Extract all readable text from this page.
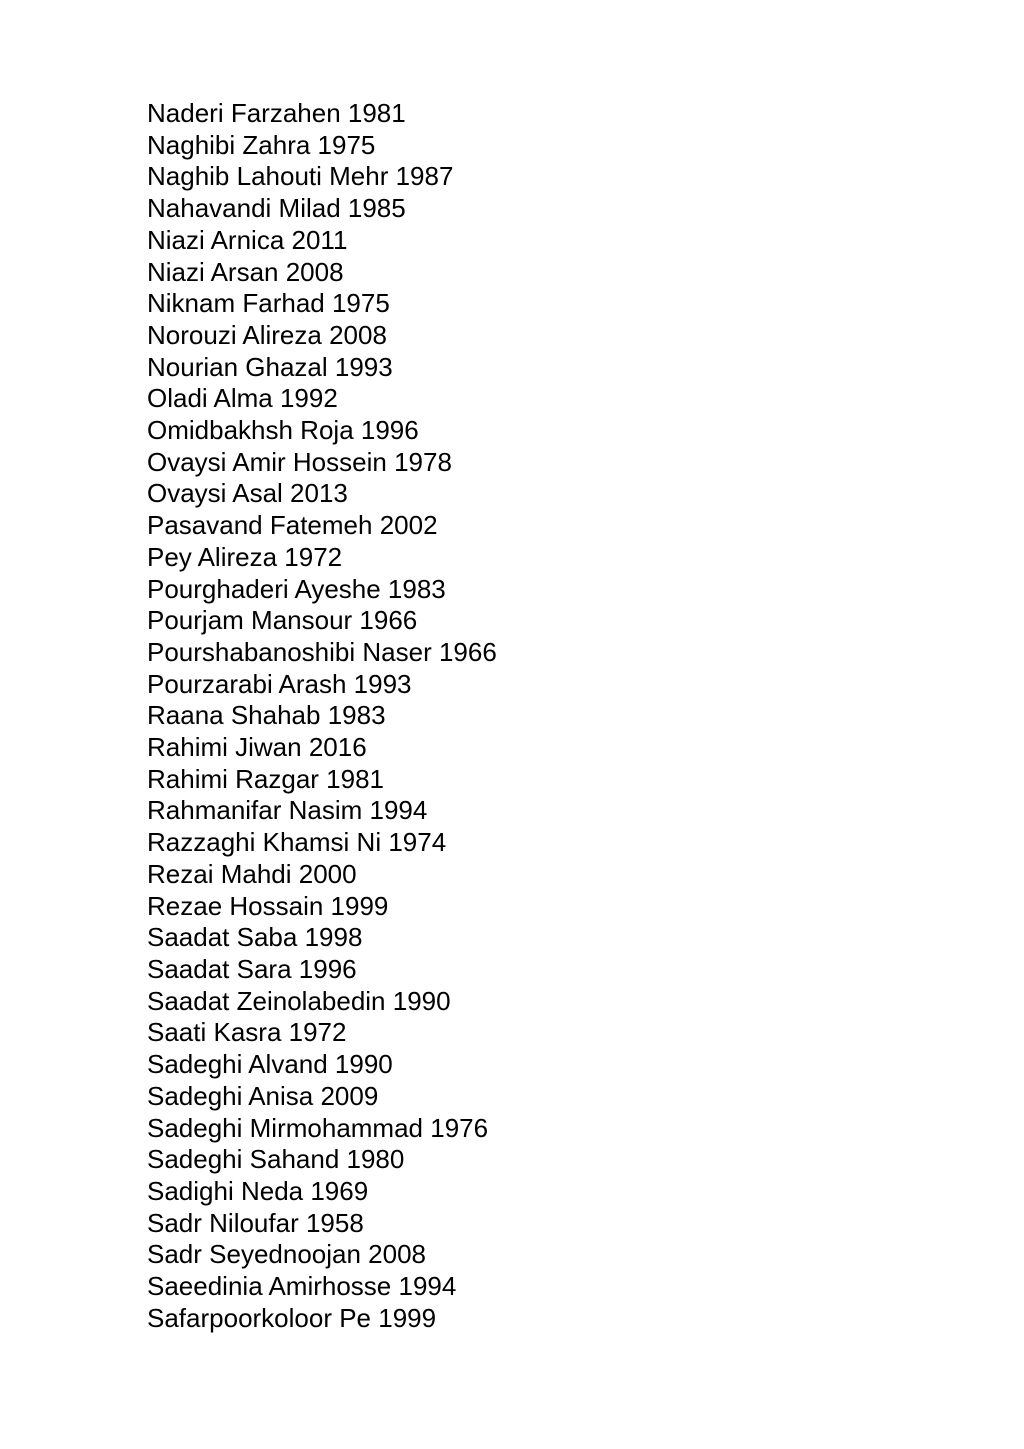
Naderi Farzahen 1981
Naghibi Zahra 1975
Naghib Lahouti Mehr 1987
Nahavandi Milad 1985
Niazi Arnica 2011
Niazi Arsan 2008
Niknam Farhad 1975
Norouzi Alireza 2008
Nourian Ghazal 1993
Oladi Alma 1992
Omidbakhsh Roja 1996
Ovaysi Amir Hossein 1978
Ovaysi Asal 2013
Pasavand Fatemeh 2002
Pey Alireza 1972
Pourghaderi Ayeshe 1983
Pourjam Mansour 1966
Pourshabanoshibi Naser 1966
Pourzarabi Arash 1993
Raana Shahab 1983
Rahimi Jiwan 2016
Rahimi Razgar 1981
Rahmanifar Nasim 1994
Razzaghi Khamsi Ni 1974
Rezai Mahdi 2000
Rezae Hossain 1999
Saadat Saba 1998
Saadat Sara 1996
Saadat Zeinolabedin 1990
Saati Kasra 1972
Sadeghi Alvand 1990
Sadeghi Anisa 2009
Sadeghi Mirmohammad 1976
Sadeghi Sahand 1980
Sadighi Neda 1969
Sadr Niloufar 1958
Sadr Seyednoojan 2008
Saeedinia Amirhosse 1994
Safarpoorkoloor Pe 1999
